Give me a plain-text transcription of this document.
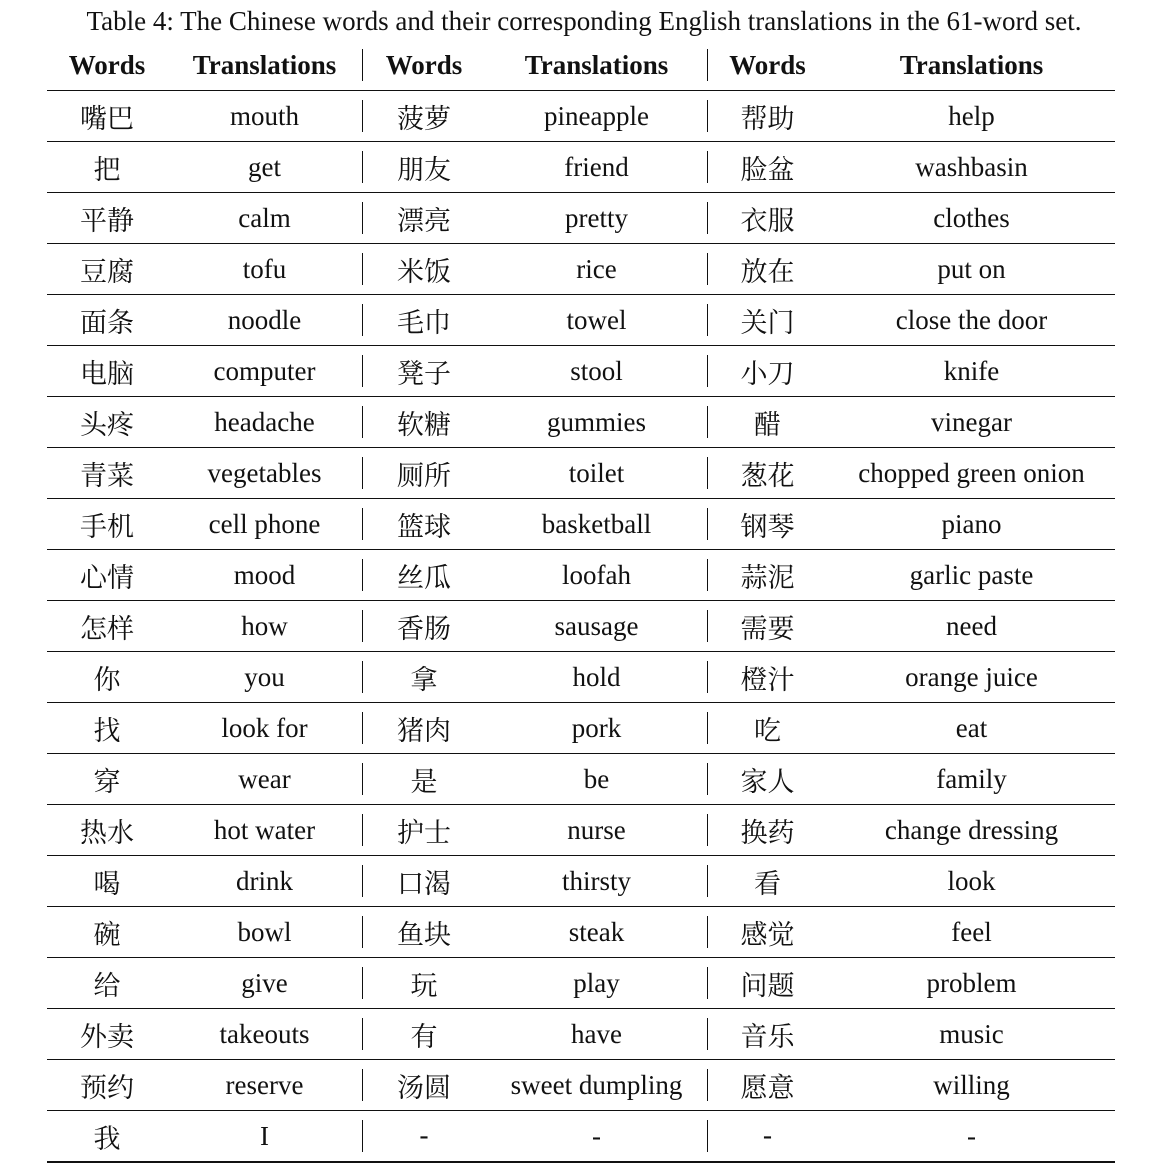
Table 4: The Chinese words and their corresponding English translations in the 61-word set.
Words	Translations	Words	Translations	Words	Translations
嘴巴	mouth	菠萝	pineapple	帮助	help
把	get	朋友	friend	脸盆	washbasin
平静	calm	漂亮	pretty	衣服	clothes
豆腐	tofu	米饭	rice	放在	put on
面条	noodle	毛巾	towel	关门	close the door
电脑	computer	凳子	stool	小刀	knife
头疼	headache	软糖	gummies	醋	vinegar
青菜	vegetables	厕所	toilet	葱花	chopped green onion
手机	cell phone	篮球	basketball	钢琴	piano
心情	mood	丝瓜	loofah	蒜泥	garlic paste
怎样	how	香肠	sausage	需要	need
你	you	拿	hold	橙汁	orange juice
找	look for	猪肉	pork	吃	eat
穿	wear	是	be	家人	family
热水	hot water	护士	nurse	换药	change dressing
喝	drink	口渴	thirsty	看	look
碗	bowl	鱼块	steak	感觉	feel
给	give	玩	play	问题	problem
外卖	takeouts	有	have	音乐	music
预约	reserve	汤圆	sweet dumpling	愿意	willing
我	I	-	-	-	-
